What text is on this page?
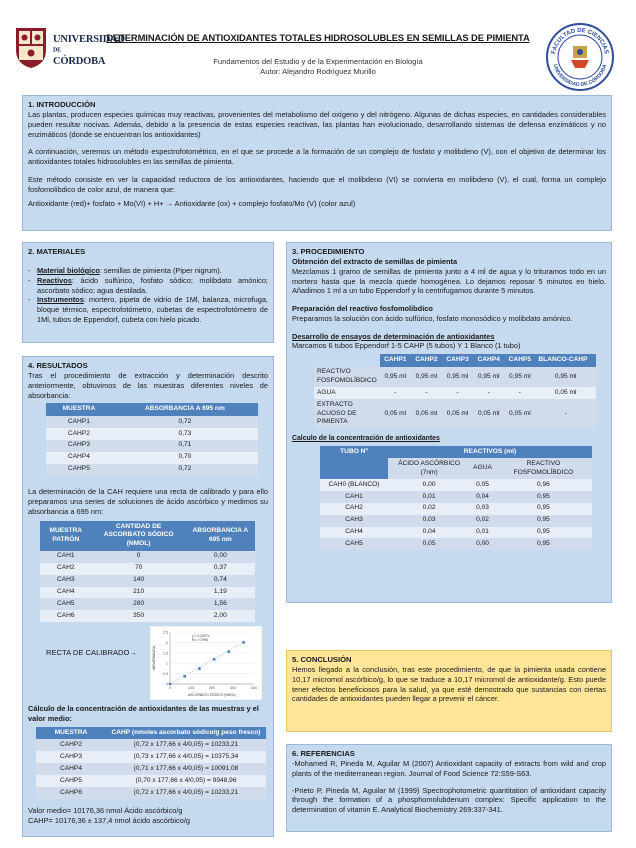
UNIVERSIDAD
DE
CÓRDOBA
DETERMINACIÓN DE ANTIOXIDANTES TOTALES HIDROSOLUBLES EN SEMILLAS DE PIMIENTA
Fundamentos del Estudio y de la Experimentación en Biología
Autor: Alejandro Rodríguez Murillo
FACULTAD DE CIENCIAS
UNIVERSIDAD DE CÓRDOBA

1. INTRODUCCIÓN

Las plantas, producen especies químicas muy reactivas, provenientes del metabolismo del oxígeno y del nitrógeno. Algunas de dichas especies, en cantidades considerables pueden resultar nocivas. Además, debido a la presencia de estas especies reactivas, las plantas han evolucionado, desarrollando sistemas de defensa enzimáticos y no enzimáticos (donde se encuentran los antioxidantes)

A continuación, veremos un método espectrofotométrico, en el que se procede a la formación de un complejo de fosfato y molibdeno (V), con el objetivo de determinar los antioxidantes totales hidrosolubles en las semillas de pimienta.

Este método consiste en ver la capacidad reductora de los antioxidantes, haciendo que el molibdeno (VI) se convierta en molibdeno (V), el cual, forma un complejo fosfomolibdico de color azul, de manera que:

Antioxidante (red)+ fosfato + Mo(VI) + H+ → Antioxidante (ox) + complejo fosfato/Mo (V) (color azul)

2. MATERIALES

- Material biológico: semillas de pimienta (Piper nigrum).
- Reactivos: ácido sulfúrico, fosfato sódico; molibdato amónico; ascorbato sódico; agua destilada.
- Instrumentos: mortero, pipeta de vidrio de 1Ml, balanza, microfuga, bloque térmico, espectrofotómetro, cubetas de espectrofotómetro de 1Ml, tubos de Eppendorf, cubeta con hielo picado.

4. RESULTADOS

Tras el procedimiento de extracción y determinación descrito anteriormente, obtuvimos de las muestras diferentes niveles de absorbancia:

MUESTRA	ABSORBANCIA A 695 nm
CAHP1	0,72
CAHP2	0,73
CAHP3	0,71
CAHP4	0,70
CAHP5	0,72

La determinación de la CAH requiere una recta de calibrado y para ello preparamos una series de soluciones de ácido ascórbico y medimos su absorbancia a 695 nm:

MUESTRA PATRÓN	CANTIDAD DE ASCORBATO SÓDICO (NMOL)	ABSORBANCIA A 695 nm
CAH1	0	0,00
CAH2	70	0,37
CAH3	140	0,74
CAH4	210	1,19
CAH5	280	1,56
CAH6	350	2,00
RECTA DE CALIBRADO→
0
0,5
1
1,5
2
2,5
0	100	200	300	400
y = 0,0057x
R² = 0,998
ASCORBATO SÓDICO (NMOL)
ABSORBANCIA

Cálculo de la concentración de antioxidantes de las muestras y el valor medio:

MUESTRA	CAHP (nmoles ascorbato sódico/g peso fresco)
CAHP2	(0,72 x 177,66 x 4/0,05) = 10233,21
CAHP3	(0,73 x 177,66 x 4/0,05) = 10375,34
CAHP4	(0,71 x 177,66 x 4/0,05) = 10091,08
CAHP5	(0,70 x 177,66 x 4/0,05) = 9948,96
CAHP6	(0,72 x 177,66 x 4/0,05) = 10233,21

Valor medio= 10176,36 nmol Ácido ascórbico/g

CAHP= 10176,36 ± 137,4 nmol ácido ascórbico/g

3. PROCEDIMIENTO

Obtención del extracto de semillas de pimienta

Mezclamos 1 gramo de semillas de pimienta junto a 4 ml de agua y lo trituramos todo en un mortero hasta que la mezcla quede homogénea. Lo dejamos reposar 5 minutos en hielo. Añadimos 1 ml a un tubo Eppendorf y lo centrifugamos durante 5 minutos.

Preparación del reactivo fosfomolibdico

Preparamos la solución con ácido sulfúrico, fosfato monosódico y molibdato amónico.

Desarrollo de ensayos de determinación de antioxidantes

Marcamos 6 tubos Eppendorf 1-5 CAHP (5 tubos) Y 1 Blanco (1 tubo)

	CAHP1	CAHP2	CAHP3	CAHP4	CAHP5	BLANCO-CAHP
REACTIVO FOSFOMOLÍBDICO	0,95 ml	0,95 ml	0,95 ml	0,95 ml	0,95 ml	0,95 ml
AGUA	-	-	-	-	-	0,05 ml
EXTRACTO ACUOSO DE PIMIENTA	0,05 ml	0,05 ml	0,05 ml	0,05 ml	0,05 ml	-

Calculo de la concentración de antioxidantes

TUBO Nº	REACTIVOS (ml)		
	ÁCIDO ASCÓRBICO (7nm)	AGUA	REACTIVO FOSFOMOLÍBDICO
CAH0 (BLANCO)	0,00	0,05	0,96
CAH1	0,01	0,04	0,95
CAH2	0,02	0,03	0,95
CAH3	0,03	0,02	0,95
CAH4	0,04	0,01	0,95
CAH5	0,05	0,00	0,95

5. CONCLUSIÓN

Hemos llegado a la conclusión, tras este procedimiento, de que la pimienta usada contiene 10,17 micromol ascórbico/g, lo que se traduce a 10,17 micromol de antioxidante/g. Esto puede tener efectos beneficiosos para la salud, ya que esté demostrado que sustancias con ciertas cantidades de antioxidantes pueden llegar a prevenir el cáncer.

6. REFERENCIAS

-Mohamed R, Pineda M, Aguilar M (2007) Antioxidant capacity of extracts from wild and crop plants of the mediterranean region. Journal of Food Science 72:S59-S63.

-Prieto P, Pineda M, Aguilar M (1999) Spectrophotometric quantitation of antioxidant capacity through the formation of a phosphomolubdenum complex: Specific application to the determination of vitamin E. Analytical Biochemistry 269:337-341.
